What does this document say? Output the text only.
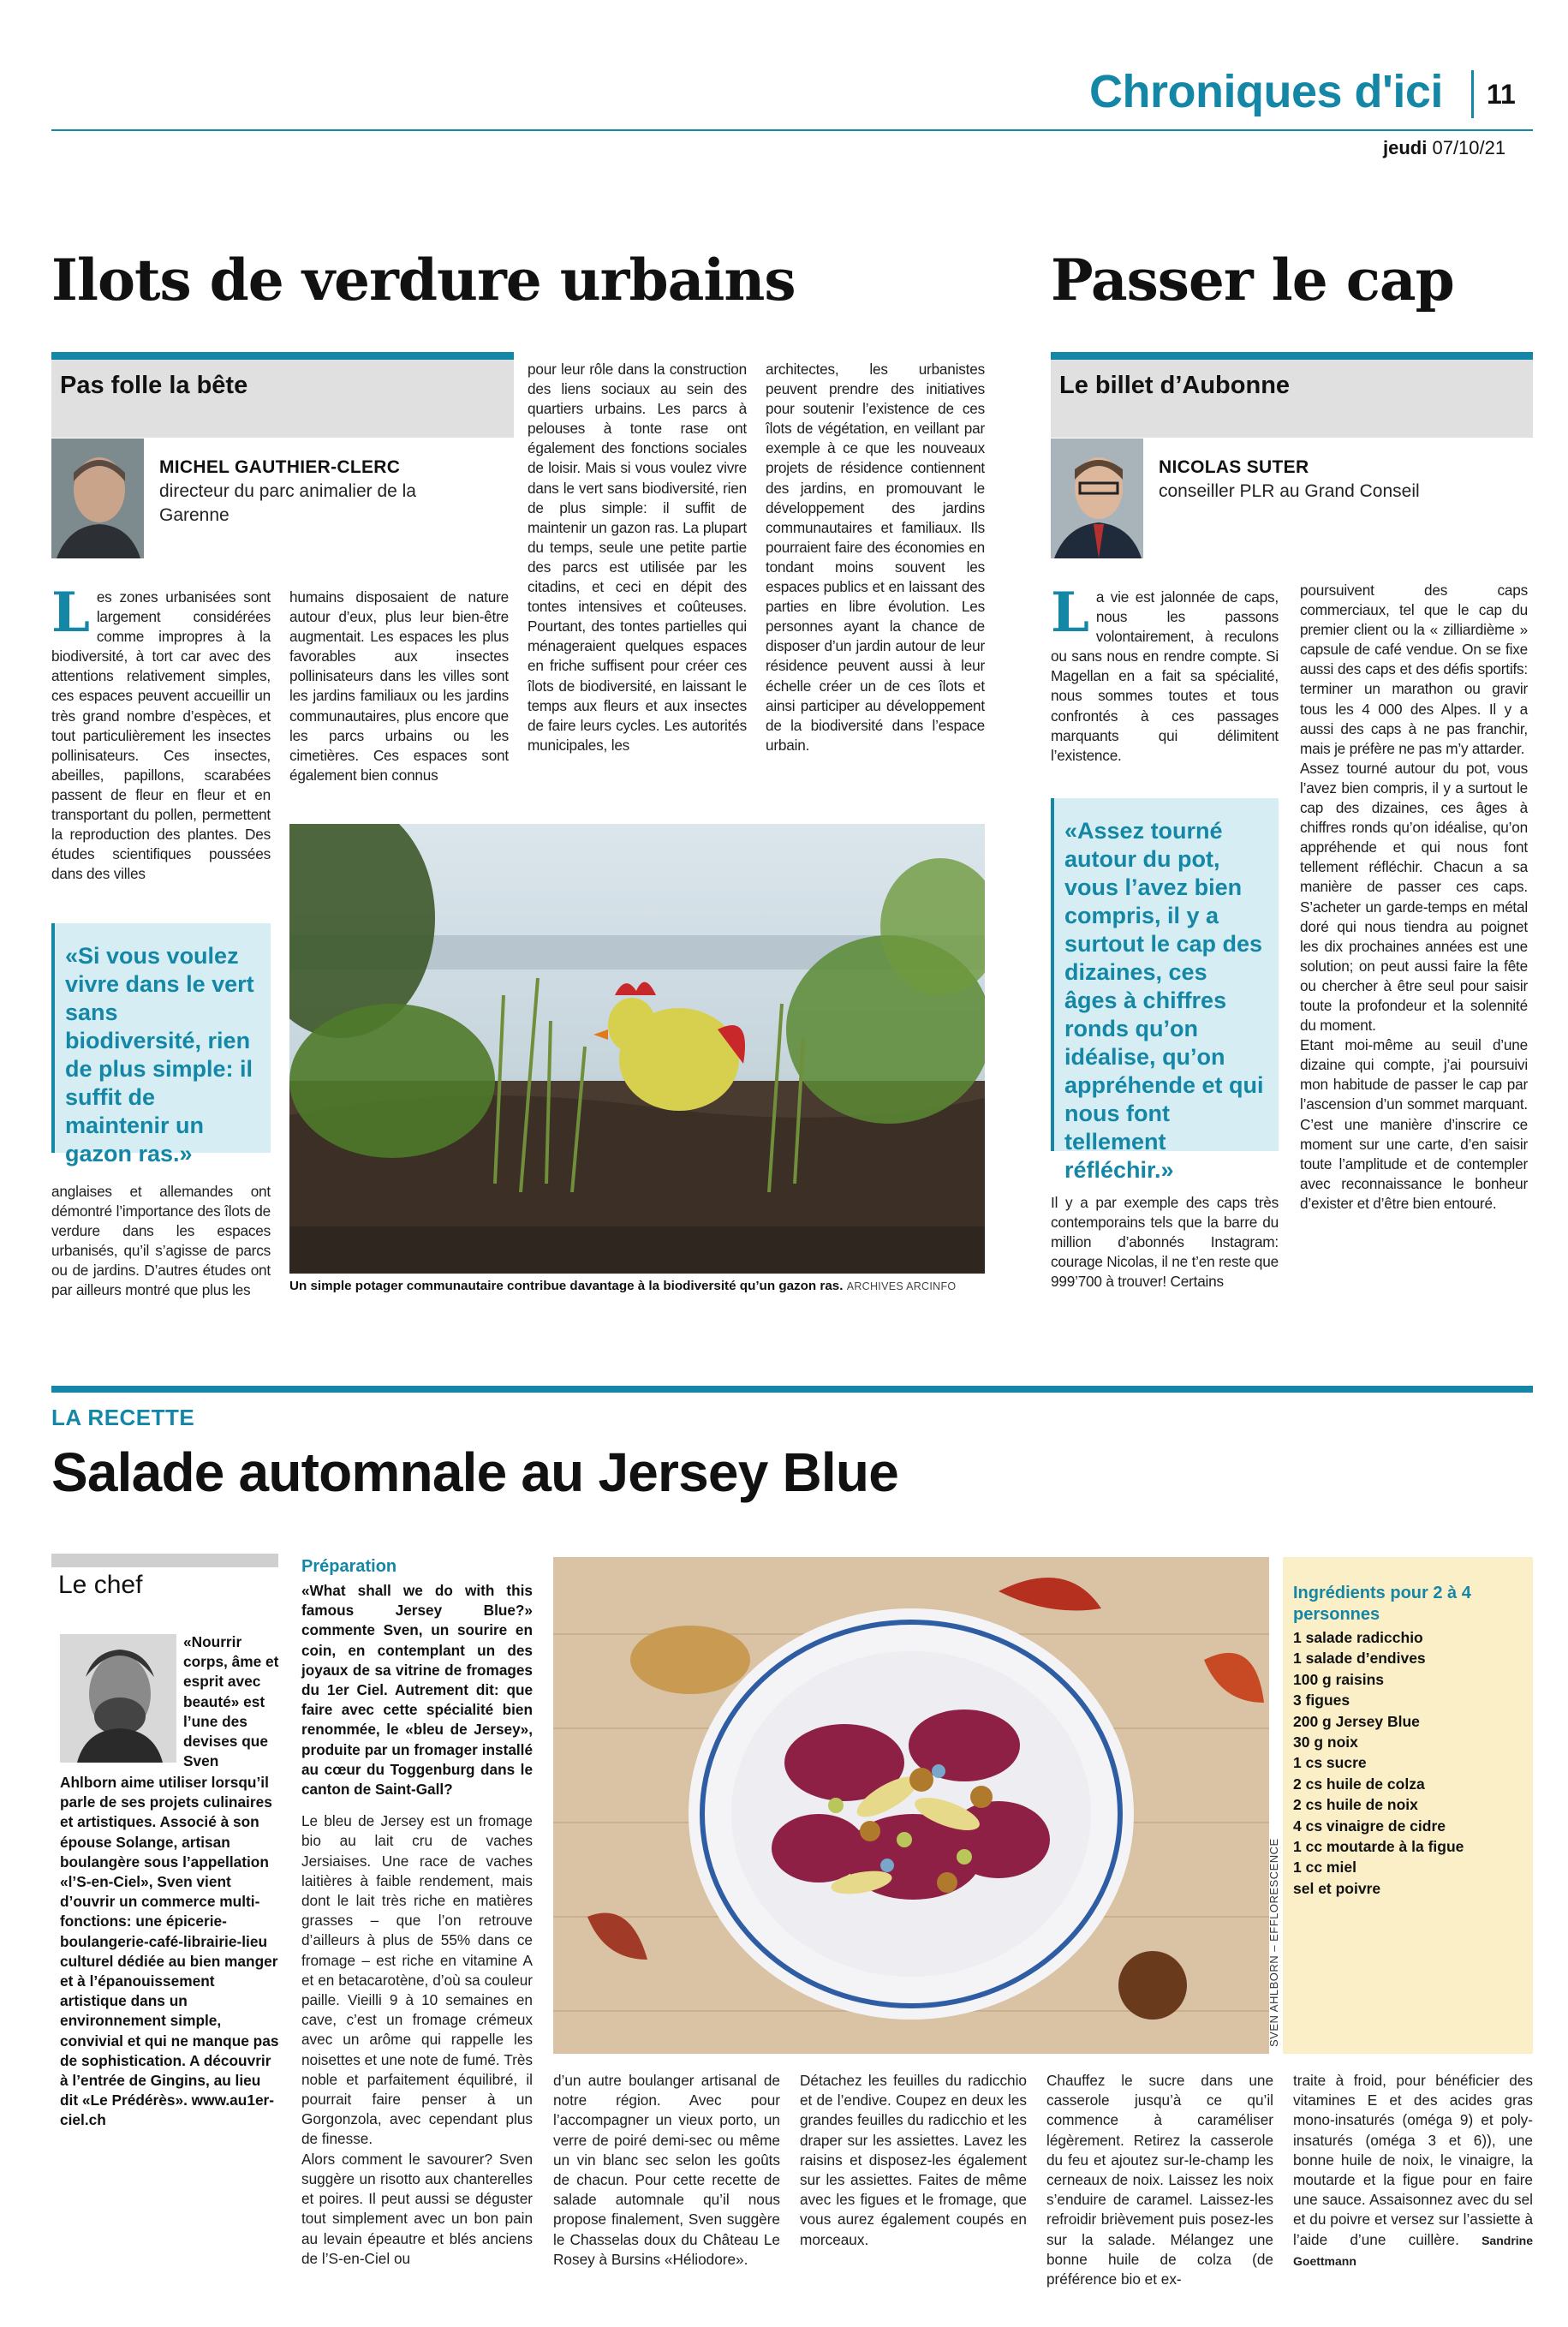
Chroniques d'ici 11
jeudi 07/10/21
Ilots de verdure urbains
Pas folle la bête
MICHEL GAUTHIER-CLERC
directeur du parc animalier de la Garenne

Les zones urbanisées sont largement considérées comme impropres à la biodiversité, à tort car avec des attentions relativement simples, ces espaces peuvent accueillir un très grand nombre d’espèces, et tout particulièrement les insectes pollinisateurs. Ces insectes, abeilles, papillons, scarabées passent de fleur en fleur et en transportant du pollen, permettent la reproduction des plantes. Des études scientifiques poussées dans des villes

«Si vous voulez vivre dans le vert sans biodiversité, rien de plus simple: il suffit de maintenir un gazon ras.»

anglaises et allemandes ont démontré l’importance des îlots de verdure dans les espaces urbanisés, qu’il s’agisse de parcs ou de jardins. D’autres études ont par ailleurs montré que plus les

humains disposaient de nature autour d’eux, plus leur bien-être augmentait. Les espaces les plus favorables aux insectes pollinisateurs dans les villes sont les jardins familiaux ou les jardins communautaires, plus encore que les parcs urbains ou les cimetières. Ces espaces sont également bien connus

pour leur rôle dans la construction des liens sociaux au sein des quartiers urbains. Les parcs à pelouses à tonte rase ont également des fonctions sociales de loisir. Mais si vous voulez vivre dans le vert sans biodiversité, rien de plus simple: il suffit de maintenir un gazon ras. La plupart du temps, seule une petite partie des parcs est utilisée par les citadins, et ceci en dépit des tontes intensives et coûteuses. Pourtant, des tontes partielles qui ménageraient quelques espaces en friche suffisent pour créer ces îlots de biodiversité, en laissant le temps aux fleurs et aux insectes de faire leurs cycles. Les autorités municipales, les

architectes, les urbanistes peuvent prendre des initiatives pour soutenir l’existence de ces îlots de végétation, en veillant par exemple à ce que les nouveaux projets de résidence contiennent des jardins, en promouvant le développement des jardins communautaires et familiaux. Ils pourraient faire des économies en tondant moins souvent les espaces publics et en laissant des parties en libre évolution. Les personnes ayant la chance de disposer d’un jardin autour de leur résidence peuvent aussi à leur échelle créer un de ces îlots et ainsi participer au développement de la biodiversité dans l’espace urbain.

Un simple potager communautaire contribue davantage à la biodiversité qu’un gazon ras. ARCHIVES ARCINFO
Passer le cap
Le billet d’Aubonne
NICOLAS SUTER
conseiller PLR au Grand Conseil

La vie est jalonnée de caps, nous les passons volontairement, à reculons ou sans nous en rendre compte. Si Magellan en a fait sa spécialité, nous sommes toutes et tous confrontés à ces passages marquants qui délimitent l’existence.

«Assez tourné autour du pot, vous l’avez bien compris, il y a surtout le cap des dizaines, ces âges à chiffres ronds qu’on idéalise, qu’on appréhende et qui nous font tellement réfléchir.»

Il y a par exemple des caps très contemporains tels que la barre du million d’abonnés Instagram: courage Nicolas, il ne t’en reste que 999’700 à trouver! Certains

poursuivent des caps commerciaux, tel que le cap du premier client ou la « zilliardième » capsule de café vendue. On se fixe aussi des caps et des défis sportifs: terminer un marathon ou gravir tous les 4 000 des Alpes. Il y a aussi des caps à ne pas franchir, mais je préfère ne pas m’y attarder.

Assez tourné autour du pot, vous l’avez bien compris, il y a surtout le cap des dizaines, ces âges à chiffres ronds qu’on idéalise, qu’on appréhende et qui nous font tellement réfléchir. Chacun a sa manière de passer ces caps. S’acheter un garde-temps en métal doré qui nous tiendra au poignet les dix prochaines années est une solution; on peut aussi faire la fête ou chercher à être seul pour saisir toute la profondeur et la solennité du moment.

Etant moi-même au seuil d’une dizaine qui compte, j’ai poursuivi mon habitude de passer le cap par l’ascension d’un sommet marquant. C’est une manière d’inscrire ce moment sur une carte, d’en saisir toute l’amplitude et de contempler avec reconnaissance le bonheur d’exister et d’être bien entouré.

LA RECETTE
Salade automnale au Jersey Blue
Le chef
«Nourrir corps, âme et esprit avec beauté» est l’une des devises que Sven
Ahlborn aime utiliser lorsqu’il parle de ses projets culinaires et artistiques. Associé à son épouse Solange, artisan boulangère sous l’appellation «l’S-en-Ciel», Sven vient d’ouvrir un commerce multi-fonctions: une épicerie-boulangerie-café-librairie-lieu culturel dédiée au bien manger et à l’épanouissement artistique dans un environnement simple, convivial et qui ne manque pas de sophistication. A découvrir à l’entrée de Gingins, au lieu dit «Le Prédérès». www.au1er-ciel.ch
Préparation

«What shall we do with this famous Jersey Blue?» commente Sven, un sourire en coin, en contemplant un des joyaux de sa vitrine de fromages du 1er Ciel. Autrement dit: que faire avec cette spécialité bien renommée, le «bleu de Jersey», produite par un fromager installé au cœur du Toggenburg dans le canton de Saint-Gall?

Le bleu de Jersey est un fromage bio au lait cru de vaches Jersiaises. Une race de vaches laitières à faible rendement, mais dont le lait très riche en matières grasses – que l’on retrouve d’ailleurs à plus de 55% dans ce fromage – est riche en vitamine A et en betacarotène, d’où sa couleur paille. Vieilli 9 à 10 semaines en cave, c’est un fromage crémeux avec un arôme qui rappelle les noisettes et une note de fumé. Très noble et parfaitement équilibré, il pourrait faire penser à un Gorgonzola, avec cependant plus de finesse.

Alors comment le savourer? Sven suggère un risotto aux chanterelles et poires. Il peut aussi se déguster tout simplement avec un bon pain au levain épeautre et blés anciens de l’S-en-Ciel ou

SVEN AHLBORN – EFFLORESCENCE
Ingrédients pour 2 à 4 personnes
1 salade radicchio
1 salade d’endives
100 g raisins
3 figues
200 g Jersey Blue
30 g noix
1 cs sucre
2 cs huile de colza
2 cs huile de noix
4 cs vinaigre de cidre
1 cc moutarde à la figue
1 cc miel
sel et poivre

d’un autre boulanger artisanal de notre région. Avec pour l’accompagner un vieux porto, un verre de poiré demi-sec ou même un vin blanc sec selon les goûts de chacun. Pour cette recette de salade automnale qu’il nous propose finalement, Sven suggère le Chasselas doux du Château Le Rosey à Bursins «Héliodore».

Détachez les feuilles du radicchio et de l’endive. Coupez en deux les grandes feuilles du radicchio et les draper sur les assiettes. Lavez les raisins et disposez-les également sur les assiettes. Faites de même avec les figues et le fromage, que vous aurez également coupés en morceaux.

Chauffez le sucre dans une casserole jusqu’à ce qu’il commence à caraméliser légèrement. Retirez la casserole du feu et ajoutez sur-le-champ les cerneaux de noix. Laissez les noix s’enduire de caramel. Laissez-les refroidir brièvement puis posez-les sur la salade. Mélangez une bonne huile de colza (de préférence bio et ex-

traite à froid, pour bénéficier des vitamines E et des acides gras mono-insaturés (oméga 9) et poly-insaturés (oméga 3 et 6)), une bonne huile de noix, le vinaigre, la moutarde et la figue pour en faire une sauce. Assaisonnez avec du sel et du poivre et versez sur l’assiette à l’aide d’une cuillère. Sandrine Goettmann
